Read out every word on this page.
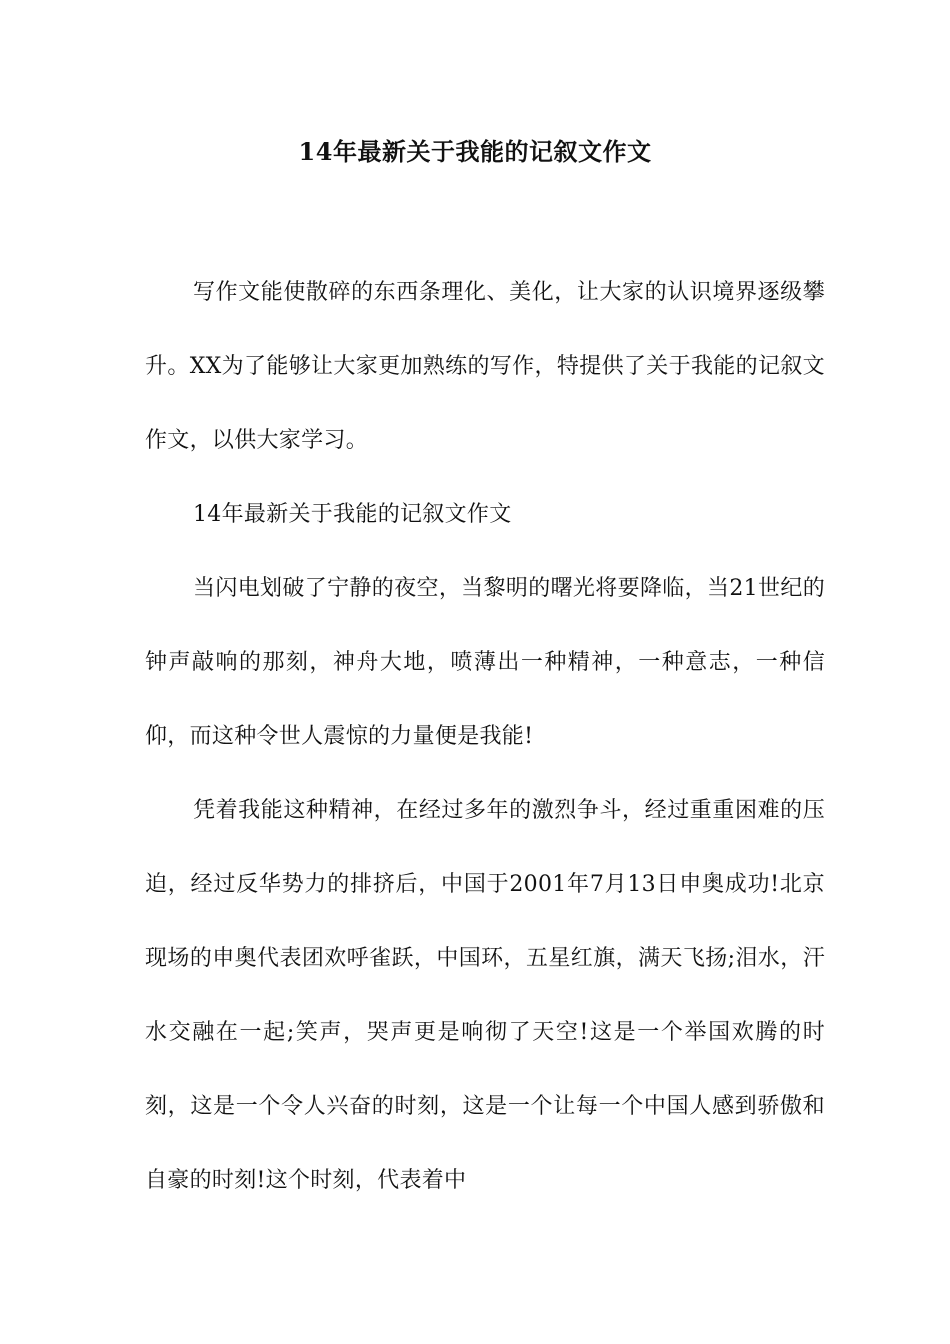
14年最新关于我能的记叙文作文

写作文能使散碎的东西条理化、美化，让大家的认识境界逐级攀升。XX为了能够让大家更加熟练的写作，特提供了关于我能的记叙文作文，以供大家学习。

14年最新关于我能的记叙文作文

当闪电划破了宁静的夜空，当黎明的曙光将要降临，当21世纪的钟声敲响的那刻，神舟大地，喷薄出一种精神，一种意志，一种信仰，而这种令世人震惊的力量便是我能!

凭着我能这种精神，在经过多年的激烈争斗，经过重重困难的压迫，经过反华势力的排挤后，中国于2001年7月13日申奥成功!北京现场的申奥代表团欢呼雀跃，中国环，五星红旗，满天飞扬;泪水，汗水交融在一起;笑声，哭声更是响彻了天空!这是一个举国欢腾的时刻，这是一个令人兴奋的时刻，这是一个让每一个中国人感到骄傲和自豪的时刻!这个时刻，代表着中
